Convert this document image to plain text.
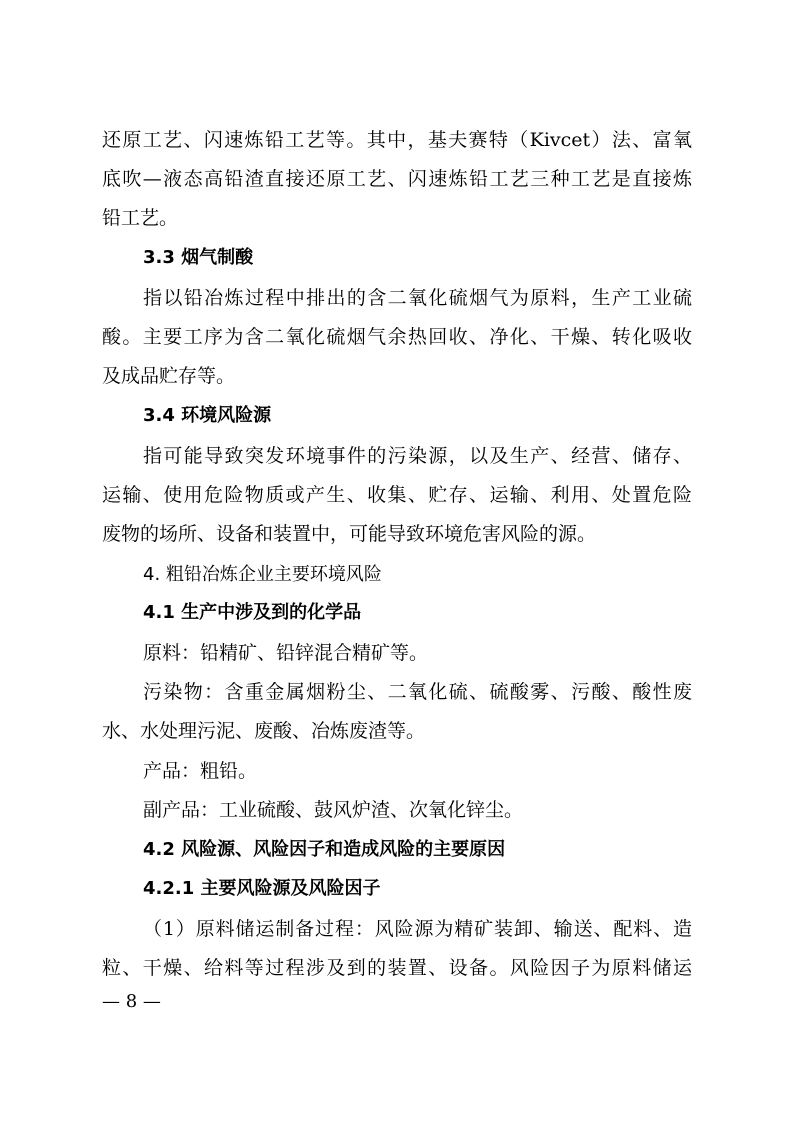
还原工艺、闪速炼铅工艺等。其中，基夫赛特（Kivcet）法、富氧
底吹—液态高铅渣直接还原工艺、闪速炼铅工艺三种工艺是直接炼
铅工艺。
3.3 烟气制酸
指以铅冶炼过程中排出的含二氧化硫烟气为原料，生产工业硫
酸。主要工序为含二氧化硫烟气余热回收、净化、干燥、转化吸收
及成品贮存等。
3.4 环境风险源
指可能导致突发环境事件的污染源，以及生产、经营、储存、
运输、使用危险物质或产生、收集、贮存、运输、利用、处置危险
废物的场所、设备和装置中，可能导致环境危害风险的源。
4. 粗铅冶炼企业主要环境风险
4.1 生产中涉及到的化学品
原料：铅精矿、铅锌混合精矿等。
污染物：含重金属烟粉尘、二氧化硫、硫酸雾、污酸、酸性废
水、水处理污泥、废酸、冶炼废渣等。
产品：粗铅。
副产品：工业硫酸、鼓风炉渣、次氧化锌尘。
4.2 风险源、风险因子和造成风险的主要原因
4.2.1 主要风险源及风险因子
（1）原料储运制备过程：风险源为精矿装卸、输送、配料、造
粒、干燥、给料等过程涉及到的装置、设备。风险因子为原料储运
— 8 —
